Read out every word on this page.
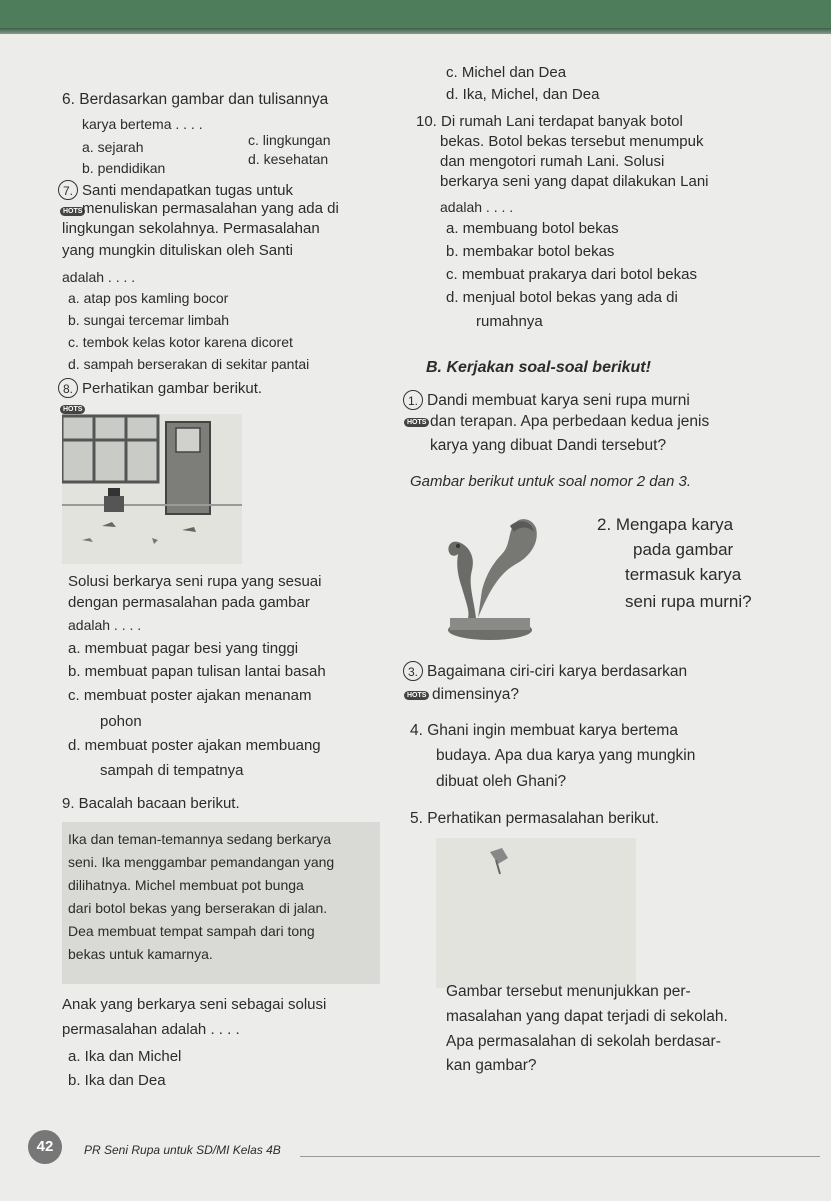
6. Berdasarkan gambar dan tulisannya
karya bertema . . . .
a. sejarah	c. lingkungan
b. pendidikan
d. kesehatan
7. Santi mendapatkan tugas untuk
HOTS menuliskan permasalahan yang ada di
lingkungan sekolahnya. Permasalahan
yang mungkin dituliskan oleh Santi
adalah . . . .
a. atap pos kamling bocor
b. sungai tercemar limbah
c. tembok kelas kotor karena dicoret
d. sampah berserakan di sekitar pantai
8. Perhatikan gambar berikut.
HOTS
Solusi berkarya seni rupa yang sesuai
dengan permasalahan pada gambar
adalah . . . .
a. membuat pagar besi yang tinggi
b. membuat papan tulisan lantai basah
c. membuat poster ajakan menanam
pohon
d. membuat poster ajakan membuang
sampah di tempatnya
9. Bacalah bacaan berikut.
Ika dan teman-temannya sedang berkarya
seni. Ika menggambar pemandangan yang
dilihatnya. Michel membuat pot bunga
dari botol bekas yang berserakan di jalan.
Dea membuat tempat sampah dari tong
bekas untuk kamarnya.
Anak yang berkarya seni sebagai solusi
permasalahan adalah . . . .
a. Ika dan Michel
b. Ika dan Dea
c. Michel dan Dea
d. Ika, Michel, dan Dea
10. Di rumah Lani terdapat banyak botol
bekas. Botol bekas tersebut menumpuk
dan mengotori rumah Lani. Solusi
berkarya seni yang dapat dilakukan Lani
adalah . . . .
a. membuang botol bekas
b. membakar botol bekas
c. membuat prakarya dari botol bekas
d. menjual botol bekas yang ada di
rumahnya
B. Kerjakan soal-soal berikut!
1. Dandi membuat karya seni rupa murni
HOTS dan terapan. Apa perbedaan kedua jenis
karya yang dibuat Dandi tersebut?
Gambar berikut untuk soal nomor 2 dan 3.
2. Mengapa karya
pada gambar
termasuk karya
seni rupa murni?
3. Bagaimana ciri-ciri karya berdasarkan
HOTS dimensinya?
4. Ghani ingin membuat karya bertema
budaya. Apa dua karya yang mungkin
dibuat oleh Ghani?
5. Perhatikan permasalahan berikut.
Gambar tersebut menunjukkan per-
masalahan yang dapat terjadi di sekolah.
Apa permasalahan di sekolah berdasar-
kan gambar?
42	PR Seni Rupa untuk SD/MI Kelas 4B
